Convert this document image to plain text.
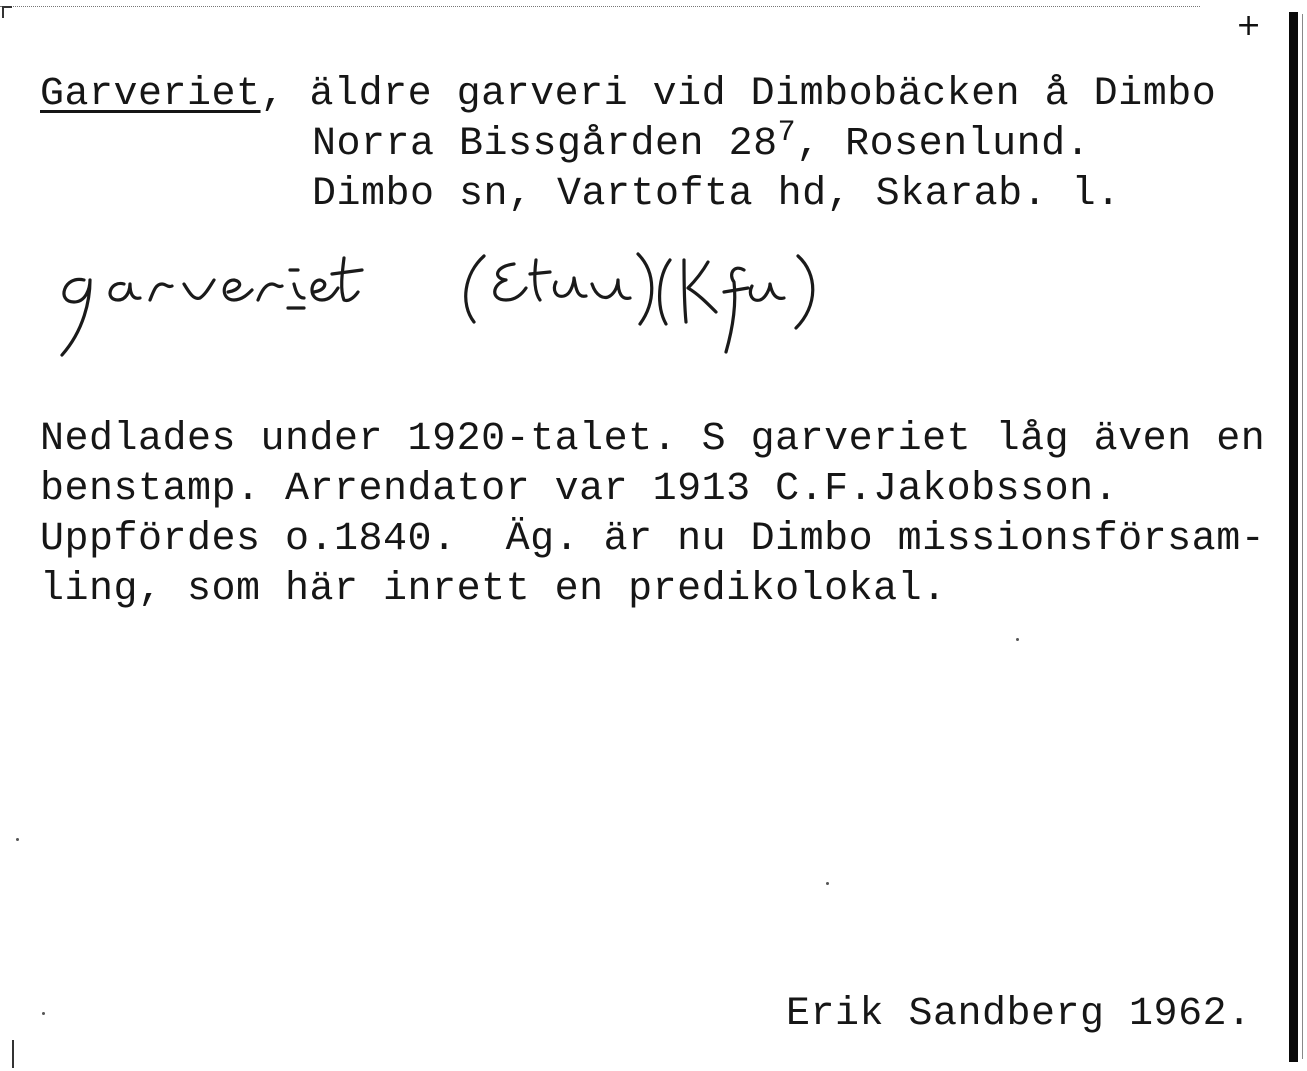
+
Garveriet, äldre garveri vid Dimbobäcken å Dimbo
Norra Bissgården $28^7$, Rosenlund.
Dimbo sn, Vartofta hd, Skarab. l.
Nedlades under 1920-talet. S garveriet låg även en
benstamp. Arrendator var 1913 C.F.Jakobsson.
Uppfördes o.1840.  Äg. är nu Dimbo missionsförsam-
ling, som här inrett en predikolokal.
Erik Sandberg 1962.
